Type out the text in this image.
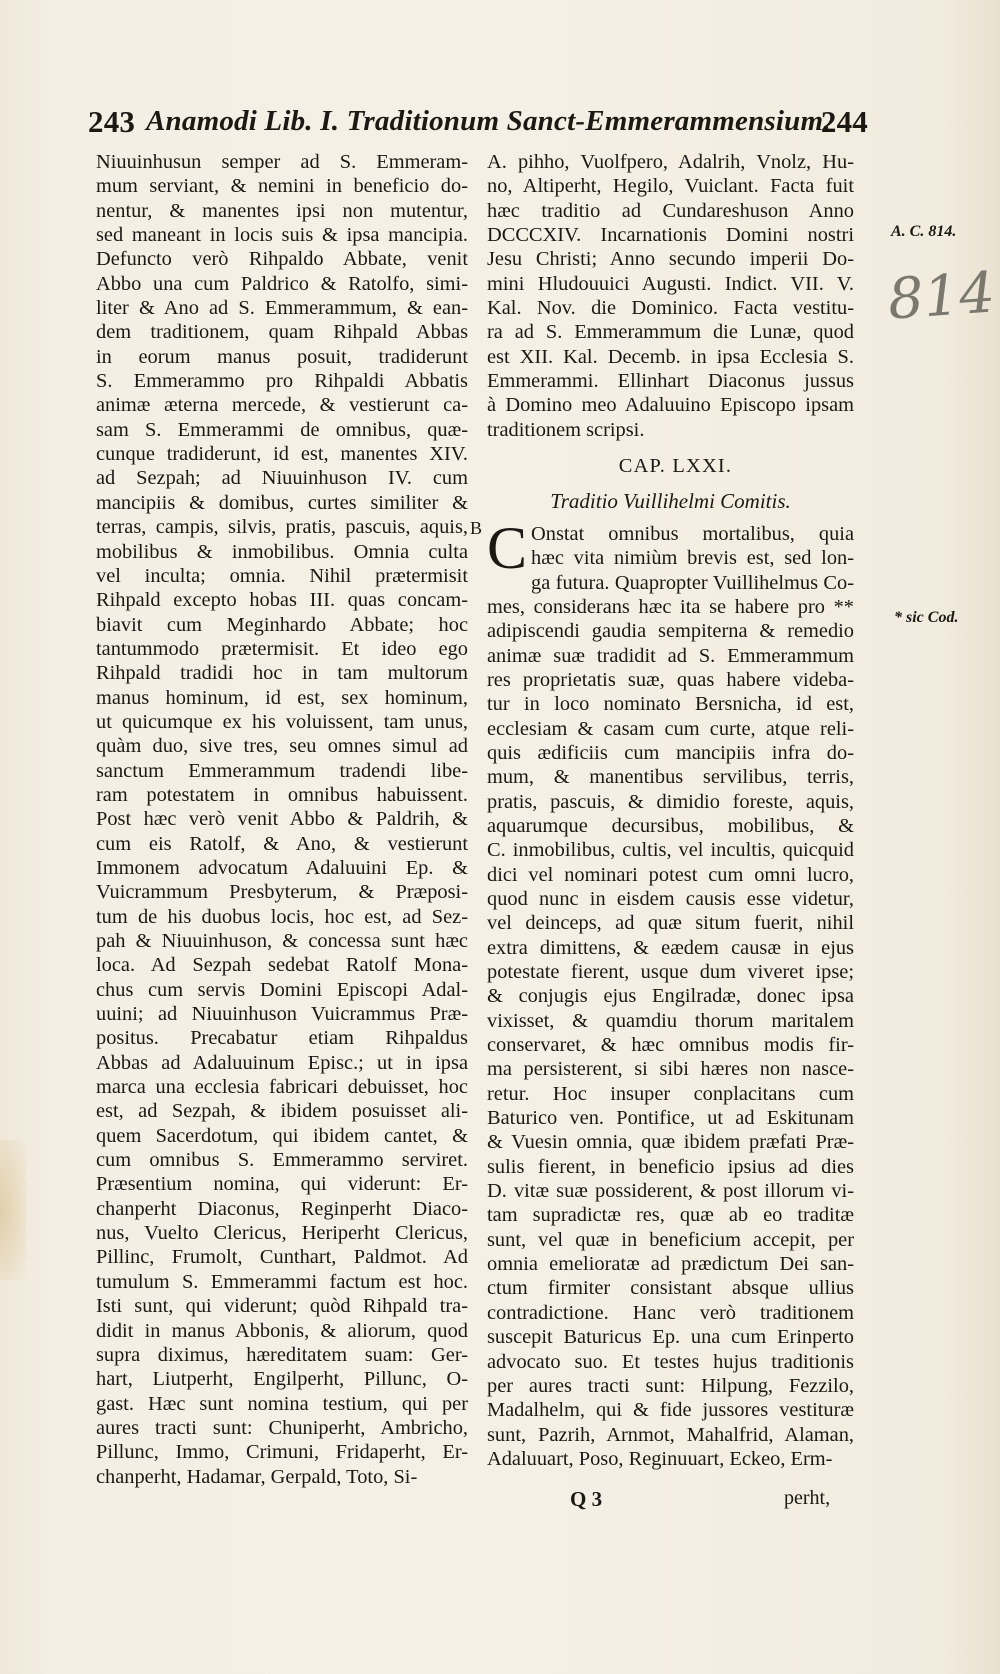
243 Anamodi Lib. I. Traditionum Sanct-Emmerammensium.
244
Niuuinhusun semper ad S. Emmeram-
mum serviant, & nemini in beneficio do-
nentur, & manentes ipsi non mutentur,
sed maneant in locis suis & ipsa mancipia.
Defuncto verò Rihpaldo Abbate, venit
Abbo una cum Paldrico & Ratolfo, simi-
liter & Ano ad S. Emmerammum, & ean-
dem traditionem, quam Rihpald Abbas
in eorum manus posuit, tradiderunt
S. Emmerammo pro Rihpaldi Abbatis
animæ æterna mercede, & vestierunt ca-
sam S. Emmerammi de omnibus, quæ-
cunque tradiderunt, id est, manentes XIV.
ad Sezpah; ad Niuuinhuson IV. cum
mancipiis & domibus, curtes similiter &
terras, campis, silvis, pratis, pascuis, aquis,
mobilibus & inmobilibus. Omnia culta
vel inculta; omnia. Nihil prætermisit
Rihpald excepto hobas III. quas concam-
biavit cum Meginhardo Abbate; hoc
tantummodo prætermisit. Et ideo ego
Rihpald tradidi hoc in tam multorum
manus hominum, id est, sex hominum,
ut quicumque ex his voluissent, tam unus,
quàm duo, sive tres, seu omnes simul ad
sanctum Emmerammum tradendi libe-
ram potestatem in omnibus habuissent.
Post hæc verò venit Abbo & Paldrih, &
cum eis Ratolf, & Ano, & vestierunt
Immonem advocatum Adaluuini Ep. &
Vuicrammum Presbyterum, & Præposi-
tum de his duobus locis, hoc est, ad Sez-
pah & Niuuinhuson, & concessa sunt hæc
loca. Ad Sezpah sedebat Ratolf Mona-
chus cum servis Domini Episcopi Adal-
uuini; ad Niuuinhuson Vuicrammus Præ-
positus. Precabatur etiam Rihpaldus
Abbas ad Adaluuinum Episc.; ut in ipsa
marca una ecclesia fabricari debuisset, hoc
est, ad Sezpah, & ibidem posuisset ali-
quem Sacerdotum, qui ibidem cantet, &
cum omnibus S. Emmerammo serviret.
Præsentium nomina, qui viderunt: Er-
chanperht Diaconus, Reginperht Diaco-
nus, Vuelto Clericus, Heriperht Clericus,
Pillinc, Frumolt, Cunthart, Paldmot. Ad
tumulum S. Emmerammi factum est hoc.
Isti sunt, qui viderunt; quòd Rihpald tra-
didit in manus Abbonis, & aliorum, quod
supra diximus, hæreditatem suam: Ger-
hart, Liutperht, Engilperht, Pillunc, O-
gast. Hæc sunt nomina testium, qui per
aures tracti sunt: Chuniperht, Ambricho,
Pillunc, Immo, Crimuni, Fridaperht, Er-
chanperht, Hadamar, Gerpald, Toto, Si-
A. pihho, Vuolfpero, Adalrih, Vnolz, Hu-
no, Altiperht, Hegilo, Vuiclant. Facta fuit
hæc traditio ad Cundareshuson Anno
DCCCXIV. Incarnationis Domini nostri
Jesu Christi; Anno secundo imperii Do-
mini Hludouuici Augusti. Indict. VII. V.
Kal. Nov. die Dominico. Facta vestitu-
ra ad S. Emmerammum die Lunæ, quod
est XII. Kal. Decemb. in ipsa Ecclesia S.
Emmerammi. Ellinhart Diaconus jussus
à Domino meo Adaluuino Episcopo ipsam
traditionem scripsi.
CAP. LXXI.
Traditio Vuillihelmi Comitis.
C Onstat omnibus mortalibus, quia
hæc vita nimiùm brevis est, sed lon-
ga futura. Quapropter Vuillihelmus Co-
mes, considerans hæc ita se habere pro **
adipiscendi gaudia sempiterna & remedio
animæ suæ tradidit ad S. Emmerammum
res proprietatis suæ, quas habere videba-
tur in loco nominato Bersnicha, id est,
ecclesiam & casam cum curte, atque reli-
quis ædificiis cum mancipiis infra do-
mum, & manentibus servilibus, terris,
pratis, pascuis, & dimidio foreste, aquis,
aquarumque decursibus, mobilibus, &
C. inmobilibus, cultis, vel incultis, quicquid
dici vel nominari potest cum omni lucro,
quod nunc in eisdem causis esse videtur,
vel deinceps, ad quæ situm fuerit, nihil
extra dimittens, & eædem causæ in ejus
potestate fierent, usque dum viveret ipse;
& conjugis ejus Engilradæ, donec ipsa
vixisset, & quamdiu thorum maritalem
conservaret, & hæc omnibus modis fir-
ma persisterent, si sibi hæres non nasce-
retur. Hoc insuper conplacitans cum
Baturico ven. Pontifice, ut ad Eskitunam
& Vuesin omnia, quæ ibidem præfati Præ-
sulis fierent, in beneficio ipsius ad dies
D. vitæ suæ possiderent, & post illorum vi-
tam supradictæ res, quæ ab eo traditæ
sunt, vel quæ in beneficium accepit, per
omnia emelioratæ ad prædictum Dei san-
ctum firmiter consistant absque ullius
contradictione. Hanc verò traditionem
suscepit Baturicus Ep. una cum Erinperto
advocato suo. Et testes hujus traditionis
per aures tracti sunt: Hilpung, Fezzilo,
Madalhelm, qui & fide jussores vestituræ
sunt, Pazrih, Arnmot, Mahalfrid, Alaman,
Adaluuart, Poso, Reginuuart, Eckeo, Erm-
A. C. 814.
* sic Cod.
B
814
Q 3	perht,
